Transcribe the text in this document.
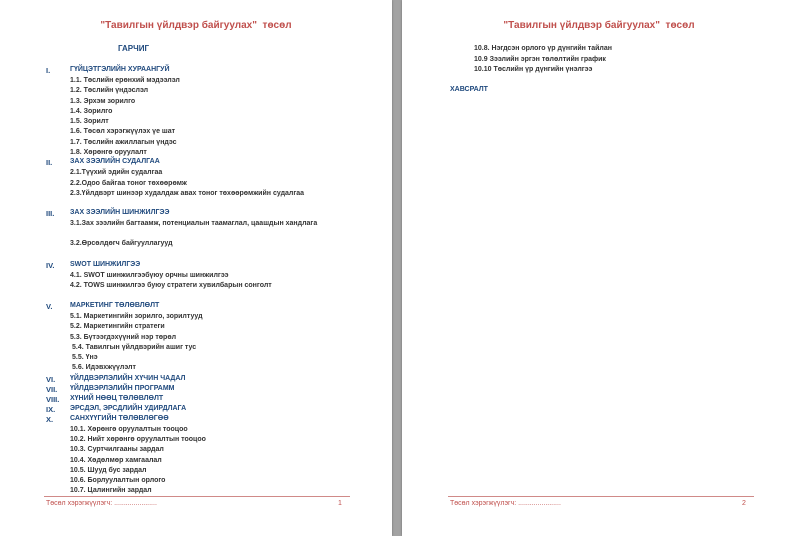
"Тавилгын үйлдвэр байгуулах" төсөл
ГАРЧИГ
I.	ГҮЙЦЭТГЭЛИЙН ХУРААНГУЙ
1.1. Төслийн ерөнхий мэдээлэл
1.2. Төслийн үндэслэл
1.3. Эрхэм зорилго
1.4. Зорилго
1.5. Зорилт
1.6. Төсөл хэрэгжүүлэх үе шат
1.7. Төслийн ажиллагын үндэс
1.8. Хөрөнгө оруулалт
II.	ЗАХ ЗЭЭЛИЙН СУДАЛГАА
2.1.Түүхий эдийн судалгаа
2.2.Одоо байгаа тоног төхөөрөмж
2.3.Үйлдвэрт шинээр худалдаж авах тоног төхөөрөмжийн судалгаа
III. ЗАХ ЗЭЭЛИЙН ШИНЖИЛГЭЭ
3.1.Зах зээлийн багтаамж, потенциалын таамаглал, цаашдын хандлага
3.2.Өрсөлдөгч байгууллагууд
IV. SWOT ШИНЖИЛГЭЭ
4.1. SWOT шинжилгээбүюу орчны шинжилгээ
4.2. TOWS шинжилгээ буюу стратеги хувилбарын сонголт
V.	МАРКЕТИНГ ТӨЛӨВЛӨЛТ
5.1. Маркетингийн зорилго, зорилтууд
5.2. Маркетингийн стратеги
5.3. Бүтээгдэхүүний нэр төрөл
5.4. Тавилгын үйлдвэрийн ашиг тус
5.5. Үнэ
5.6. Идэвхжүүлэлт
VI. ҮЙЛДВЭРЛЭЛИЙН ХҮЧИН ЧАДАЛ
VII. ҮЙЛДВЭРЛЭЛИЙН ПРОГРАММ
VIII. ХҮНИЙ НӨӨЦ ТӨЛӨВЛӨЛТ
IX. ЭРСДЭЛ, ЭРСДЛИЙН УДИРДЛАГА
X. САНХҮҮГИЙН ТӨЛӨВЛӨГӨӨ
10.1. Хөрөнгө оруулалтын тооцоо
10.2. Нийт хөрөнгө оруулалтын тооцоо
10.3. Суртчилгааны зардал
10.4. Хөдөлмөр хамгаалал
10.5. Шууд бус зардал
10.6. Борлуулалтын орлого
10.7. Цалингийн зардал
Төсөл хэрэгжүүлэгч: ......................	1
"Тавилгын үйлдвэр байгуулах" төсөл
10.8. Нэгдсэн орлого үр дүнгийн тайлан
10.9 Зээлийн эргэн төлөлтийн график
10.10 Төслийн үр дүнгийн үнэлгээ
ХАВСРАЛТ
Төсөл хэрэгжүүлэгч: ......................	2
